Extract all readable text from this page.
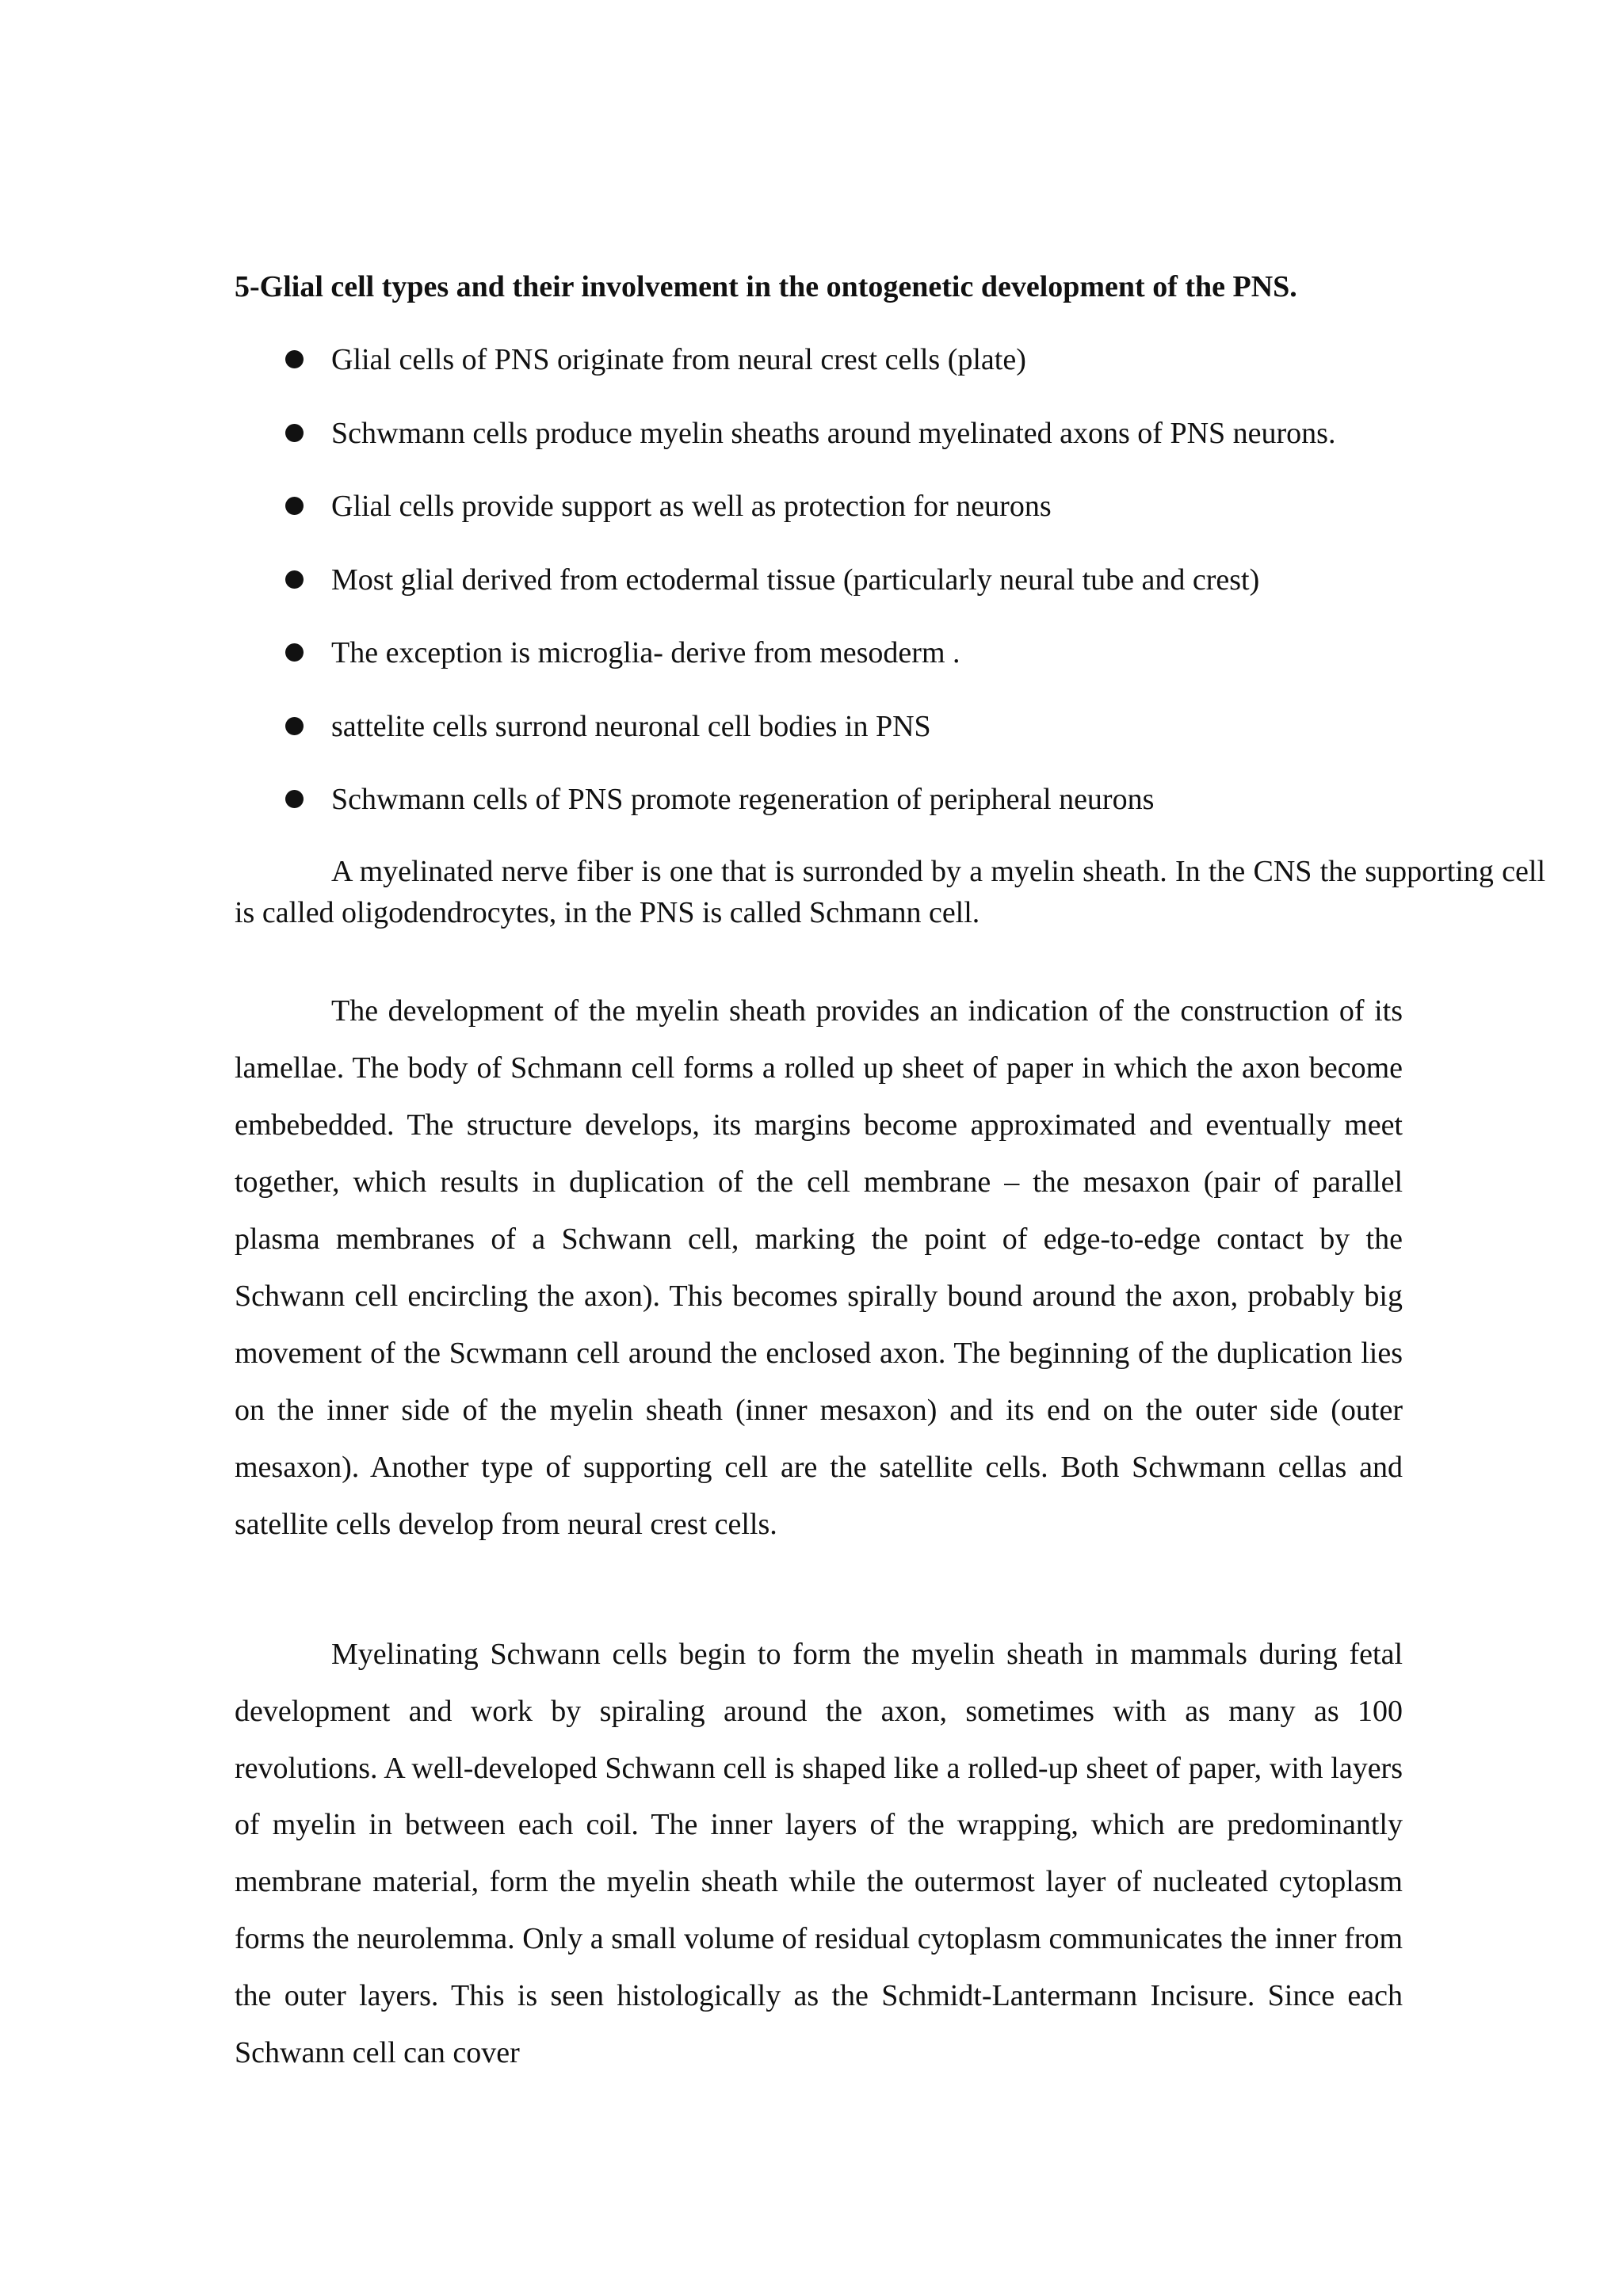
5-Glial cell types and their involvement in the ontogenetic development of the PNS.
Glial cells of PNS originate from neural crest cells (plate)
Schwmann cells produce myelin sheaths around myelinated axons of PNS neurons.
Glial cells provide support as well as protection for neurons
Most glial derived from ectodermal tissue (particularly neural tube and crest)
The exception is microglia- derive from mesoderm .
sattelite cells surrond neuronal cell bodies in PNS
Schwmann cells of PNS promote regeneration of peripheral neurons

A myelinated nerve fiber is one that is surronded by a myelin sheath. In the CNS the supporting cell is called oligodendrocytes, in the PNS is called Schmann cell.

The development of the myelin sheath provides an indication of the construction of its lamellae. The body of Schmann cell forms a rolled up sheet of paper in which the axon become embebedded. The structure develops, its margins become approximated and eventually meet together, which results in duplication of the cell membrane – the mesaxon (pair of parallel plasma membranes of a Schwann cell, marking the point of edge-to-edge contact by the Schwann cell encircling the axon). This becomes spirally bound around the axon, probably big movement of the Scwmann cell around the enclosed axon. The beginning of the duplication lies on the inner side of the myelin sheath (inner mesaxon) and its end on the outer side (outer mesaxon). Another type of supporting cell are the satellite cells. Both Schwmann cellas and satellite cells develop from neural crest cells.

Myelinating Schwann cells begin to form the myelin sheath in mammals during fetal development and work by spiraling around the axon, sometimes with as many as 100 revolutions. A well-developed Schwann cell is shaped like a rolled-up sheet of paper, with layers of myelin in between each coil. The inner layers of the wrapping, which are predominantly membrane material, form the myelin sheath while the outermost layer of nucleated cytoplasm forms the neurolemma. Only a small volume of residual cytoplasm communicates the inner from the outer layers. This is seen histologically as the Schmidt-Lantermann Incisure. Since each Schwann cell can cover
